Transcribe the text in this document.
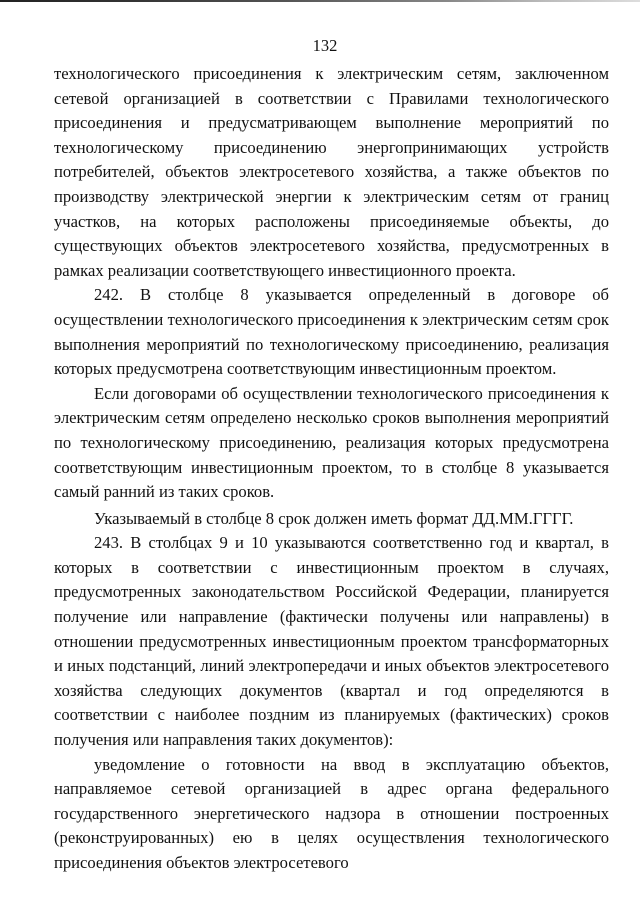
132

технологического присоединения к электрическим сетям, заключенном сетевой организацией в соответствии с Правилами технологического присоединения и предусматривающем выполнение мероприятий по технологическому присоединению энергопринимающих устройств потребителей, объектов электросетевого хозяйства, а также объектов по производству электрической энергии к электрическим сетям от границ участков, на которых расположены присоединяемые объекты, до существующих объектов электросетевого хозяйства, предусмотренных в рамках реализации соответствующего инвестиционного проекта.

242. В столбце 8 указывается определенный в договоре об осуществлении технологического присоединения к электрическим сетям срок выполнения мероприятий по технологическому присоединению, реализация которых предусмотрена соответствующим инвестиционным проектом.

Если договорами об осуществлении технологического присоединения к электрическим сетям определено несколько сроков выполнения мероприятий по технологическому присоединению, реализация которых предусмотрена соответствующим инвестиционным проектом, то в столбце 8 указывается самый ранний из таких сроков.

Указываемый в столбце 8 срок должен иметь формат ДД.ММ.ГГГГ.

243. В столбцах 9 и 10 указываются соответственно год и квартал, в которых в соответствии с инвестиционным проектом в случаях, предусмотренных законодательством Российской Федерации, планируется получение или направление (фактически получены или направлены) в отношении предусмотренных инвестиционным проектом трансформаторных и иных подстанций, линий электропередачи и иных объектов электросетевого хозяйства следующих документов (квартал и год определяются в соответствии с наиболее поздним из планируемых (фактических) сроков получения или направления таких документов):

уведомление о готовности на ввод в эксплуатацию объектов, направляемое сетевой организацией в адрес органа федерального государственного энергетического надзора в отношении построенных (реконструированных) ею в целях осуществления технологического присоединения объектов электросетевого
